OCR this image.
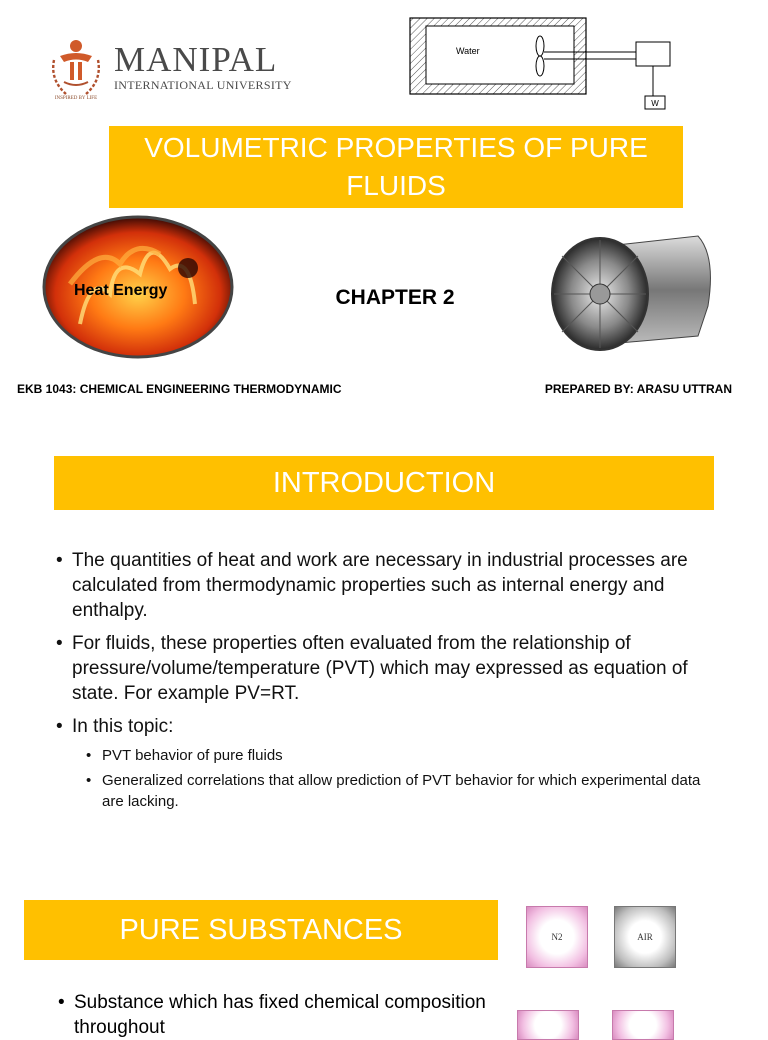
INSPIRED BY LIFE
MANIPAL
INTERNATIONAL UNIVERSITY
Water
W
VOLUMETRIC PROPERTIES OF PURE FLUIDS
Heat Energy	CHAPTER 2
EKB 1043: CHEMICAL ENGINEERING THERMODYNAMIC	PREPARED BY: ARASU UTTRAN
INTRODUCTION
• The quantities of heat and work are necessary in industrial processes are calculated from thermodynamic properties such as internal energy and enthalpy.
• For fluids, these properties often evaluated from the relationship of pressure/volume/temperature (PVT) which may expressed as equation of state. For example PV=RT.
• In this topic:
• PVT behavior of pure fluids
• Generalized correlations that allow prediction of PVT behavior for which experimental data are lacking.
PURE SUBSTANCES	N2	AIR
• Substance which has fixed chemical composition throughout
